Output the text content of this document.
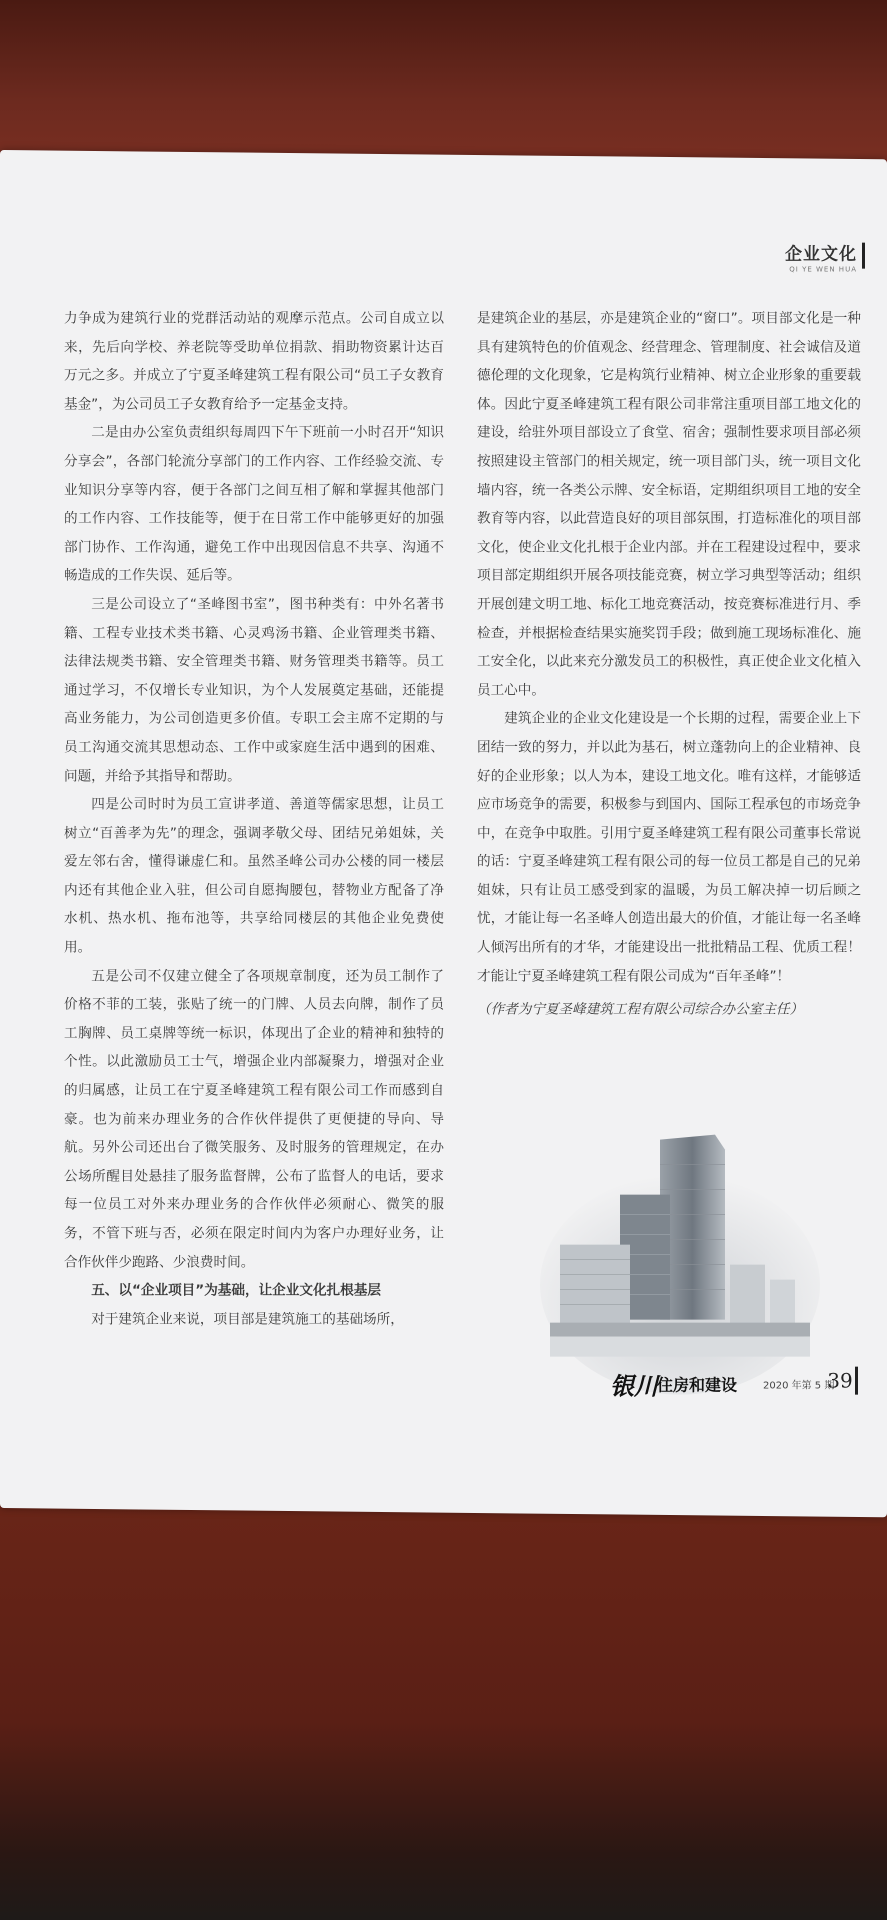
企业文化
QI YE WEN HUA

力争成为建筑行业的党群活动站的观摩示范点。公司自成立以来，先后向学校、养老院等受助单位捐款、捐助物资累计达百万元之多。并成立了宁夏圣峰建筑工程有限公司“员工子女教育基金”，为公司员工子女教育给予一定基金支持。

二是由办公室负责组织每周四下午下班前一小时召开“知识分享会”，各部门轮流分享部门的工作内容、工作经验交流、专业知识分享等内容，便于各部门之间互相了解和掌握其他部门的工作内容、工作技能等，便于在日常工作中能够更好的加强部门协作、工作沟通，避免工作中出现因信息不共享、沟通不畅造成的工作失误、延后等。

三是公司设立了“圣峰图书室”，图书种类有：中外名著书籍、工程专业技术类书籍、心灵鸡汤书籍、企业管理类书籍、法律法规类书籍、安全管理类书籍、财务管理类书籍等。员工通过学习，不仅增长专业知识，为个人发展奠定基础，还能提高业务能力，为公司创造更多价值。专职工会主席不定期的与员工沟通交流其思想动态、工作中或家庭生活中遇到的困难、问题，并给予其指导和帮助。

四是公司时时为员工宣讲孝道、善道等儒家思想，让员工树立“百善孝为先”的理念，强调孝敬父母、团结兄弟姐妹，关爱左邻右舍，懂得谦虚仁和。虽然圣峰公司办公楼的同一楼层内还有其他企业入驻，但公司自愿掏腰包，替物业方配备了净水机、热水机、拖布池等，共享给同楼层的其他企业免费使用。

五是公司不仅建立健全了各项规章制度，还为员工制作了价格不菲的工装，张贴了统一的门牌、人员去向牌，制作了员工胸牌、员工桌牌等统一标识，体现出了企业的精神和独特的个性。以此激励员工士气，增强企业内部凝聚力，增强对企业的归属感，让员工在宁夏圣峰建筑工程有限公司工作而感到自豪。也为前来办理业务的合作伙伴提供了更便捷的导向、导航。另外公司还出台了微笑服务、及时服务的管理规定，在办公场所醒目处悬挂了服务监督牌，公布了监督人的电话，要求每一位员工对外来办理业务的合作伙伴必须耐心、微笑的服务，不管下班与否，必须在限定时间内为客户办理好业务，让合作伙伴少跑路、少浪费时间。

五、以“企业项目”为基础，让企业文化扎根基层

对于建筑企业来说，项目部是建筑施工的基础场所，

是建筑企业的基层，亦是建筑企业的“窗口”。项目部文化是一种具有建筑特色的价值观念、经营理念、管理制度、社会诚信及道德伦理的文化现象，它是构筑行业精神、树立企业形象的重要载体。因此宁夏圣峰建筑工程有限公司非常注重项目部工地文化的建设，给驻外项目部设立了食堂、宿舍；强制性要求项目部必须按照建设主管部门的相关规定，统一项目部门头，统一项目文化墙内容，统一各类公示牌、安全标语，定期组织项目工地的安全教育等内容，以此营造良好的项目部氛围，打造标准化的项目部文化，使企业文化扎根于企业内部。并在工程建设过程中，要求项目部定期组织开展各项技能竞赛，树立学习典型等活动；组织开展创建文明工地、标化工地竞赛活动，按竞赛标准进行月、季检查，并根据检查结果实施奖罚手段；做到施工现场标准化、施工安全化，以此来充分激发员工的积极性，真正使企业文化植入员工心中。

建筑企业的企业文化建设是一个长期的过程，需要企业上下团结一致的努力，并以此为基石，树立蓬勃向上的企业精神、良好的企业形象；以人为本，建设工地文化。唯有这样，才能够适应市场竞争的需要，积极参与到国内、国际工程承包的市场竞争中，在竞争中取胜。引用宁夏圣峰建筑工程有限公司董事长常说的话：宁夏圣峰建筑工程有限公司的每一位员工都是自己的兄弟姐妹，只有让员工感受到家的温暖，为员工解决掉一切后顾之忧，才能让每一名圣峰人创造出最大的价值，才能让每一名圣峰人倾泻出所有的才华，才能建设出一批批精品工程、优质工程！才能让宁夏圣峰建筑工程有限公司成为“百年圣峰”！

（作者为宁夏圣峰建筑工程有限公司综合办公室主任）

银川 住房和建设	2020 年第 5 期
39
